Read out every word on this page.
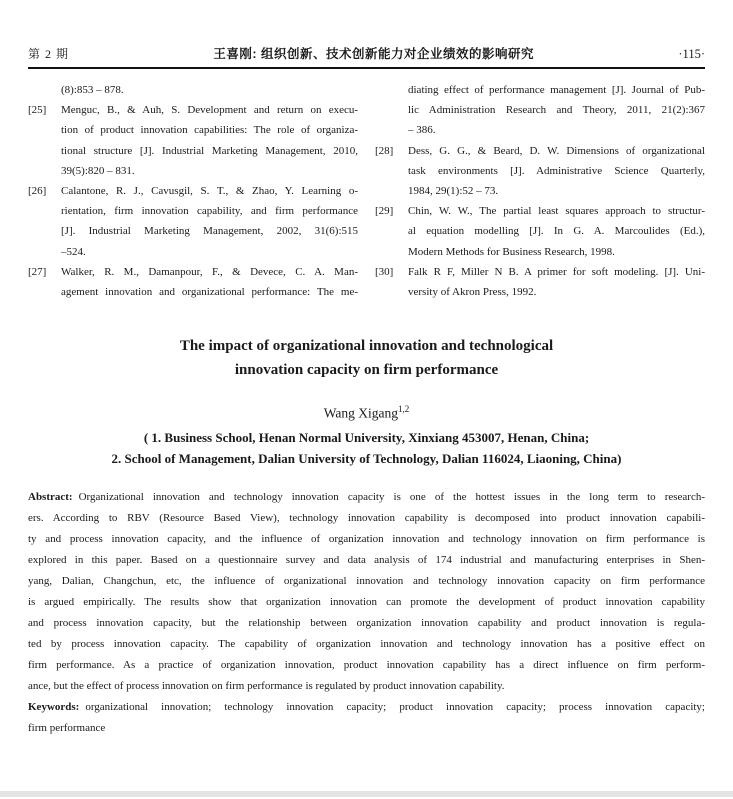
第 2 期	王喜刚: 组织创新、技术创新能力对企业绩效的影响研究	·115·
(8):853 – 878.
[25]	Menguc, B., & Auh, S. Development and return on execu-
tion of product innovation capabilities: The role of organiza-
tional structure [J]. Industrial Marketing Management, 2010,
39(5):820 – 831.
[26]	Calantone, R. J., Cavusgil, S. T., & Zhao, Y. Learning o-
rientation, firm innovation capability, and firm performance
[J]. Industrial Marketing Management, 2002, 31(6):515
–524.
[27]	Walker, R. M., Damanpour, F., & Devece, C. A. Man-
agement innovation and organizational performance: The me-
diating effect of performance management [J]. Journal of Pub-
lic Administration Research and Theory, 2011, 21(2):367
– 386.
[28]	Dess, G. G., & Beard, D. W. Dimensions of organizational
task environments [J]. Administrative Science Quarterly,
1984, 29(1):52 – 73.
[29]	Chin, W. W., The partial least squares approach to structur-
al equation modelling [J]. In G. A. Marcoulides (Ed.),
Modern Methods for Business Research, 1998.
[30]	Falk R F, Miller N B. A primer for soft modeling. [J]. Uni-
versity of Akron Press, 1992.
The impact of organizational innovation and technological
innovation capacity on firm performance
Wang Xigang$^{1,2}$
( 1. Business School, Henan Normal University, Xinxiang 453007, Henan, China;
2. School of Management, Dalian University of Technology, Dalian 116024, Liaoning, China)
Abstract: Organizational innovation and technology innovation capacity is one of the hottest issues in the long term to research-
ers. According to RBV (Resource Based View), technology innovation capability is decomposed into product innovation capabili-
ty and process innovation capacity, and the influence of organization innovation and technology innovation on firm performance is
explored in this paper. Based on a questionnaire survey and data analysis of 174 industrial and manufacturing enterprises in Shen-
yang, Dalian, Changchun, etc, the influence of organizational innovation and technology innovation capacity on firm performance
is argued empirically. The results show that organization innovation can promote the development of product innovation capability
and process innovation capacity, but the relationship between organization innovation capability and product innovation is regula-
ted by process innovation capacity. The capability of organization innovation and technology innovation has a positive effect on
firm performance. As a practice of organization innovation, product innovation capability has a direct influence on firm perform-
ance, but the effect of process innovation on firm performance is regulated by product innovation capability.
Keywords: organizational innovation; technology innovation capacity; product innovation capacity; process innovation capacity;
firm performance
